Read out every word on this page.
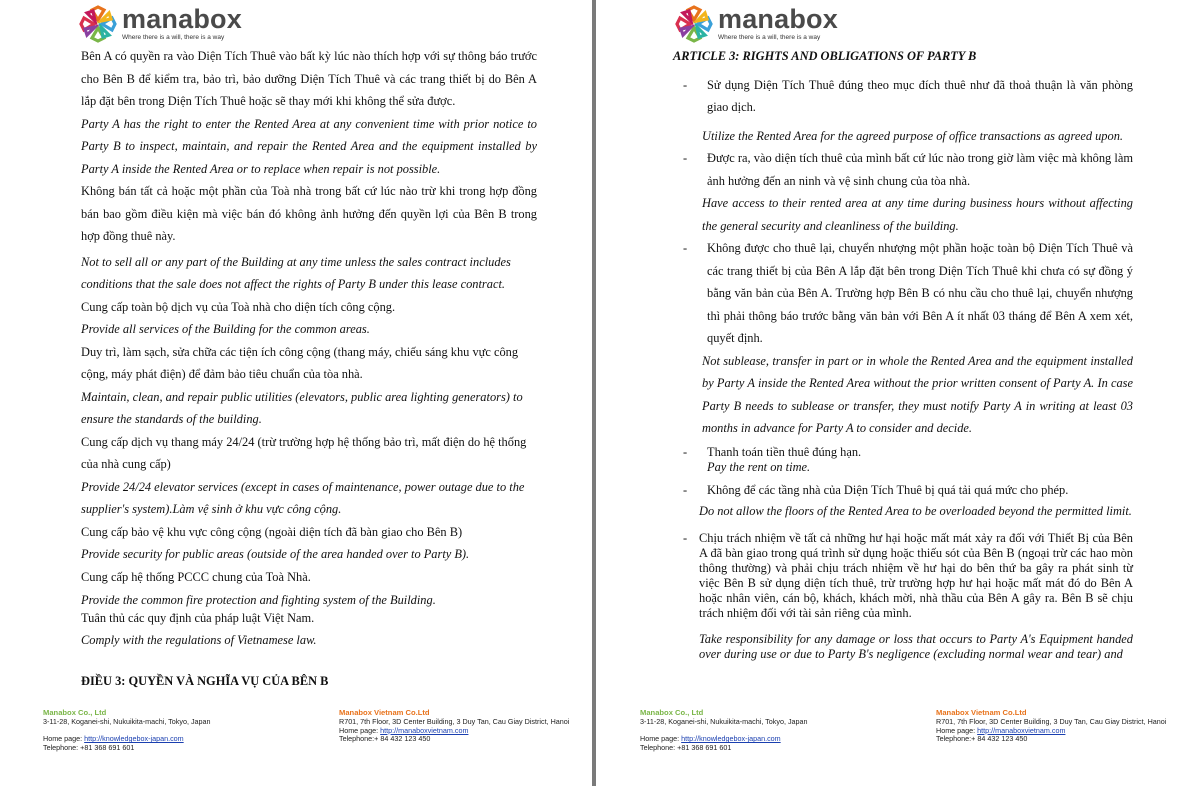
manabox
Where there is a will, there is a way

Bên A có quyền ra vào Diện Tích Thuê vào bất kỳ lúc nào thích hợp với sự thông báo trước cho Bên B để kiểm tra, bảo trì, bảo dưỡng Diện Tích Thuê và các trang thiết bị do Bên A lắp đặt bên trong Diện Tích Thuê hoặc sẽ thay mới khi không thể sửa được.

Party A has the right to enter the Rented Area at any convenient time with prior notice to Party B to inspect, maintain, and repair the Rented Area and the equipment installed by Party A inside the Rented Area or to replace when repair is not possible.

Không bán tất cả hoặc một phần của Toà nhà trong bất cứ lúc nào trừ khi trong hợp đồng bán bao gồm điều kiện mà việc bán đó không ảnh hưởng đến quyền lợi của Bên B trong hợp đồng thuê này.

Not to sell all or any part of the Building at any time unless the sales contract includes conditions that the sale does not affect the rights of Party B under this lease contract.

Cung cấp toàn bộ dịch vụ của Toà nhà cho diện tích công cộng.

Provide all services of the Building for the common areas.

Duy trì, làm sạch, sửa chữa các tiện ích công cộng (thang máy, chiếu sáng khu vực công cộng, máy phát điện) để đảm bảo tiêu chuẩn của tòa nhà.

Maintain, clean, and repair public utilities (elevators, public area lighting generators) to ensure the standards of the building.

Cung cấp dịch vụ thang máy 24/24 (trừ trường hợp hệ thống bảo trì, mất điện do hệ thống của nhà cung cấp)

Provide 24/24 elevator services (except in cases of maintenance, power outage due to the supplier's system).Làm vệ sinh ở khu vực công cộng.

Cung cấp bảo vệ khu vực công cộng (ngoài diện tích đã bàn giao cho Bên B)

Provide security for public areas (outside of the area handed over to Party B).

Cung cấp hệ thống PCCC chung của Toà Nhà.

Provide the common fire protection and fighting system of the Building.

Tuân thủ các quy định của pháp luật Việt Nam.

Comply with the regulations of Vietnamese law.

ĐIỀU 3: QUYỀN VÀ NGHĨA VỤ CỦA BÊN B

Manabox Co., Ltd
3-11-28, Koganei-shi, Nukuikita-machi, Tokyo, Japan
Home page: http://knowledgebox-japan.com
Telephone: +81 368 691 601
Manabox Vietnam Co.Ltd
R701, 7th Floor, 3D Center Building, 3 Duy Tan, Cau Giay District, Hanoi
Home page: http://manaboxvietnam.com
Telephone:+ 84 432 123 450
manabox
Where there is a will, there is a way

ARTICLE 3: RIGHTS AND OBLIGATIONS OF PARTY B

-	Sử dụng Diện Tích Thuê đúng theo mục đích thuê như đã thoả thuận là văn phòng giao dịch.

Utilize the Rented Area for the agreed purpose of office transactions as agreed upon.

-	Được ra, vào diện tích thuê của mình bất cứ lúc nào trong giờ làm việc mà không làm ảnh hưởng đến an ninh và vệ sinh chung của tòa nhà.

Have access to their rented area at any time during business hours without affecting the general security and cleanliness of the building.

-	Không được cho thuê lại, chuyển nhượng một phần hoặc toàn bộ Diện Tích Thuê và các trang thiết bị của Bên A lắp đặt bên trong Diện Tích Thuê khi chưa có sự đồng ý bằng văn bản của Bên A. Trường hợp Bên B có nhu cầu cho thuê lại, chuyển nhượng thì phải thông báo trước bằng văn bản với Bên A ít nhất 03 tháng để Bên A xem xét, quyết định.

Not sublease, transfer in part or in whole the Rented Area and the equipment installed by Party A inside the Rented Area without the prior written consent of Party A. In case Party B needs to sublease or transfer, they must notify Party A in writing at least 03 months in advance for Party A to consider and decide.

-	Thanh toán tiền thuê đúng hạn.

Pay the rent on time.

-	Không để các tầng nhà của Diện Tích Thuê bị quá tải quá mức cho phép.

Do not allow the floors of the Rented Area to be overloaded beyond the permitted limit.

- Chịu trách nhiệm về tất cả những hư hại hoặc mất mát xảy ra đối với Thiết Bị của Bên A đã bàn giao trong quá trình sử dụng hoặc thiếu sót của Bên B (ngoại trừ các hao mòn thông thường) và phải chịu trách nhiệm về hư hại do bên thứ ba gây ra phát sinh từ việc Bên B sử dụng diện tích thuê, trừ trường hợp hư hại hoặc mất mát đó do Bên A hoặc nhân viên, cán bộ, khách, khách mời, nhà thầu của Bên A gây ra. Bên B sẽ chịu trách nhiệm đối với tài sản riêng của mình.

Take responsibility for any damage or loss that occurs to Party A's Equipment handed over during use or due to Party B's negligence (excluding normal wear and tear) and

Manabox Co., Ltd
3-11-28, Koganei-shi, Nukuikita-machi, Tokyo, Japan
Home page: http://knowledgebox-japan.com
Telephone: +81 368 691 601
Manabox Vietnam Co.Ltd
R701, 7th Floor, 3D Center Building, 3 Duy Tan, Cau Giay District, Hanoi
Home page: http://manaboxvietnam.com
Telephone:+ 84 432 123 450
